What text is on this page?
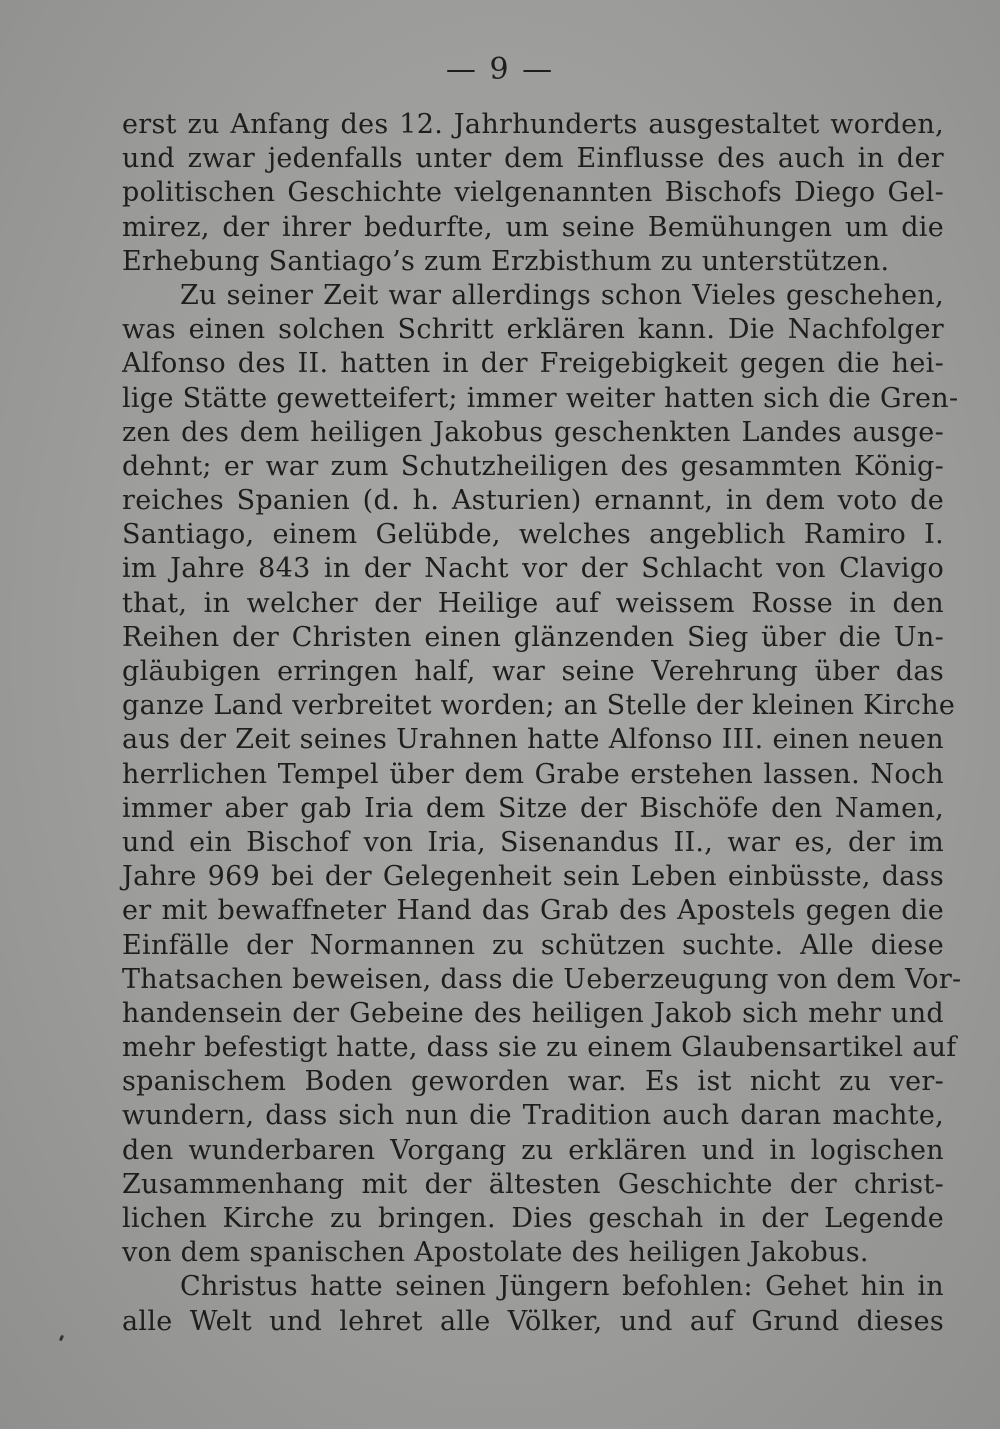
— 9 —
erst zu Anfang des 12. Jahrhunderts ausgestaltet worden,
und zwar jedenfalls unter dem Einflusse des auch in der
politischen Geschichte vielgenannten Bischofs Diego Gel-
mirez, der ihrer bedurfte, um seine Bemühungen um die
Erhebung Santiago’s zum Erzbisthum zu unterstützen.
Zu seiner Zeit war allerdings schon Vieles geschehen,
was einen solchen Schritt erklären kann. Die Nachfolger
Alfonso des II. hatten in der Freigebigkeit gegen die hei-
lige Stätte gewetteifert; immer weiter hatten sich die Gren-
zen des dem heiligen Jakobus geschenkten Landes ausge-
dehnt; er war zum Schutzheiligen des gesammten König-
reiches Spanien (d. h. Asturien) ernannt, in dem voto de
Santiago, einem Gelübde, welches angeblich Ramiro I.
im Jahre 843 in der Nacht vor der Schlacht von Clavigo
that, in welcher der Heilige auf weissem Rosse in den
Reihen der Christen einen glänzenden Sieg über die Un-
gläubigen erringen half, war seine Verehrung über das
ganze Land verbreitet worden; an Stelle der kleinen Kirche
aus der Zeit seines Urahnen hatte Alfonso III. einen neuen
herrlichen Tempel über dem Grabe erstehen lassen. Noch
immer aber gab Iria dem Sitze der Bischöfe den Namen,
und ein Bischof von Iria, Sisenandus II., war es, der im
Jahre 969 bei der Gelegenheit sein Leben einbüsste, dass
er mit bewaffneter Hand das Grab des Apostels gegen die
Einfälle der Normannen zu schützen suchte. Alle diese
Thatsachen beweisen, dass die Ueberzeugung von dem Vor-
handensein der Gebeine des heiligen Jakob sich mehr und
mehr befestigt hatte, dass sie zu einem Glaubensartikel auf
spanischem Boden geworden war. Es ist nicht zu ver-
wundern, dass sich nun die Tradition auch daran machte,
den wunderbaren Vorgang zu erklären und in logischen
Zusammenhang mit der ältesten Geschichte der christ-
lichen Kirche zu bringen. Dies geschah in der Legende
von dem spanischen Apostolate des heiligen Jakobus.
Christus hatte seinen Jüngern befohlen: Gehet hin in
alle Welt und lehret alle Völker, und auf Grund dieses
